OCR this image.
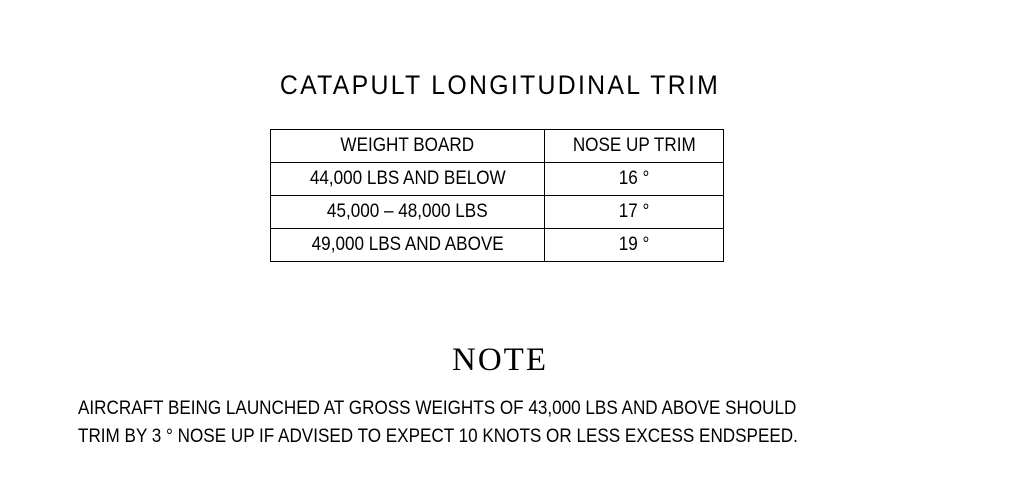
CATAPULT LONGITUDINAL TRIM
WEIGHT BOARD	NOSE UP TRIM
44,000 LBS AND BELOW	16 °
45,000 – 48,000 LBS	17 °
49,000 LBS AND ABOVE	19 °
NOTE
AIRCRAFT BEING LAUNCHED AT GROSS WEIGHTS OF 43,000 LBS AND ABOVE SHOULD
TRIM BY 3 ° NOSE UP IF ADVISED TO EXPECT 10 KNOTS OR LESS EXCESS ENDSPEED.
